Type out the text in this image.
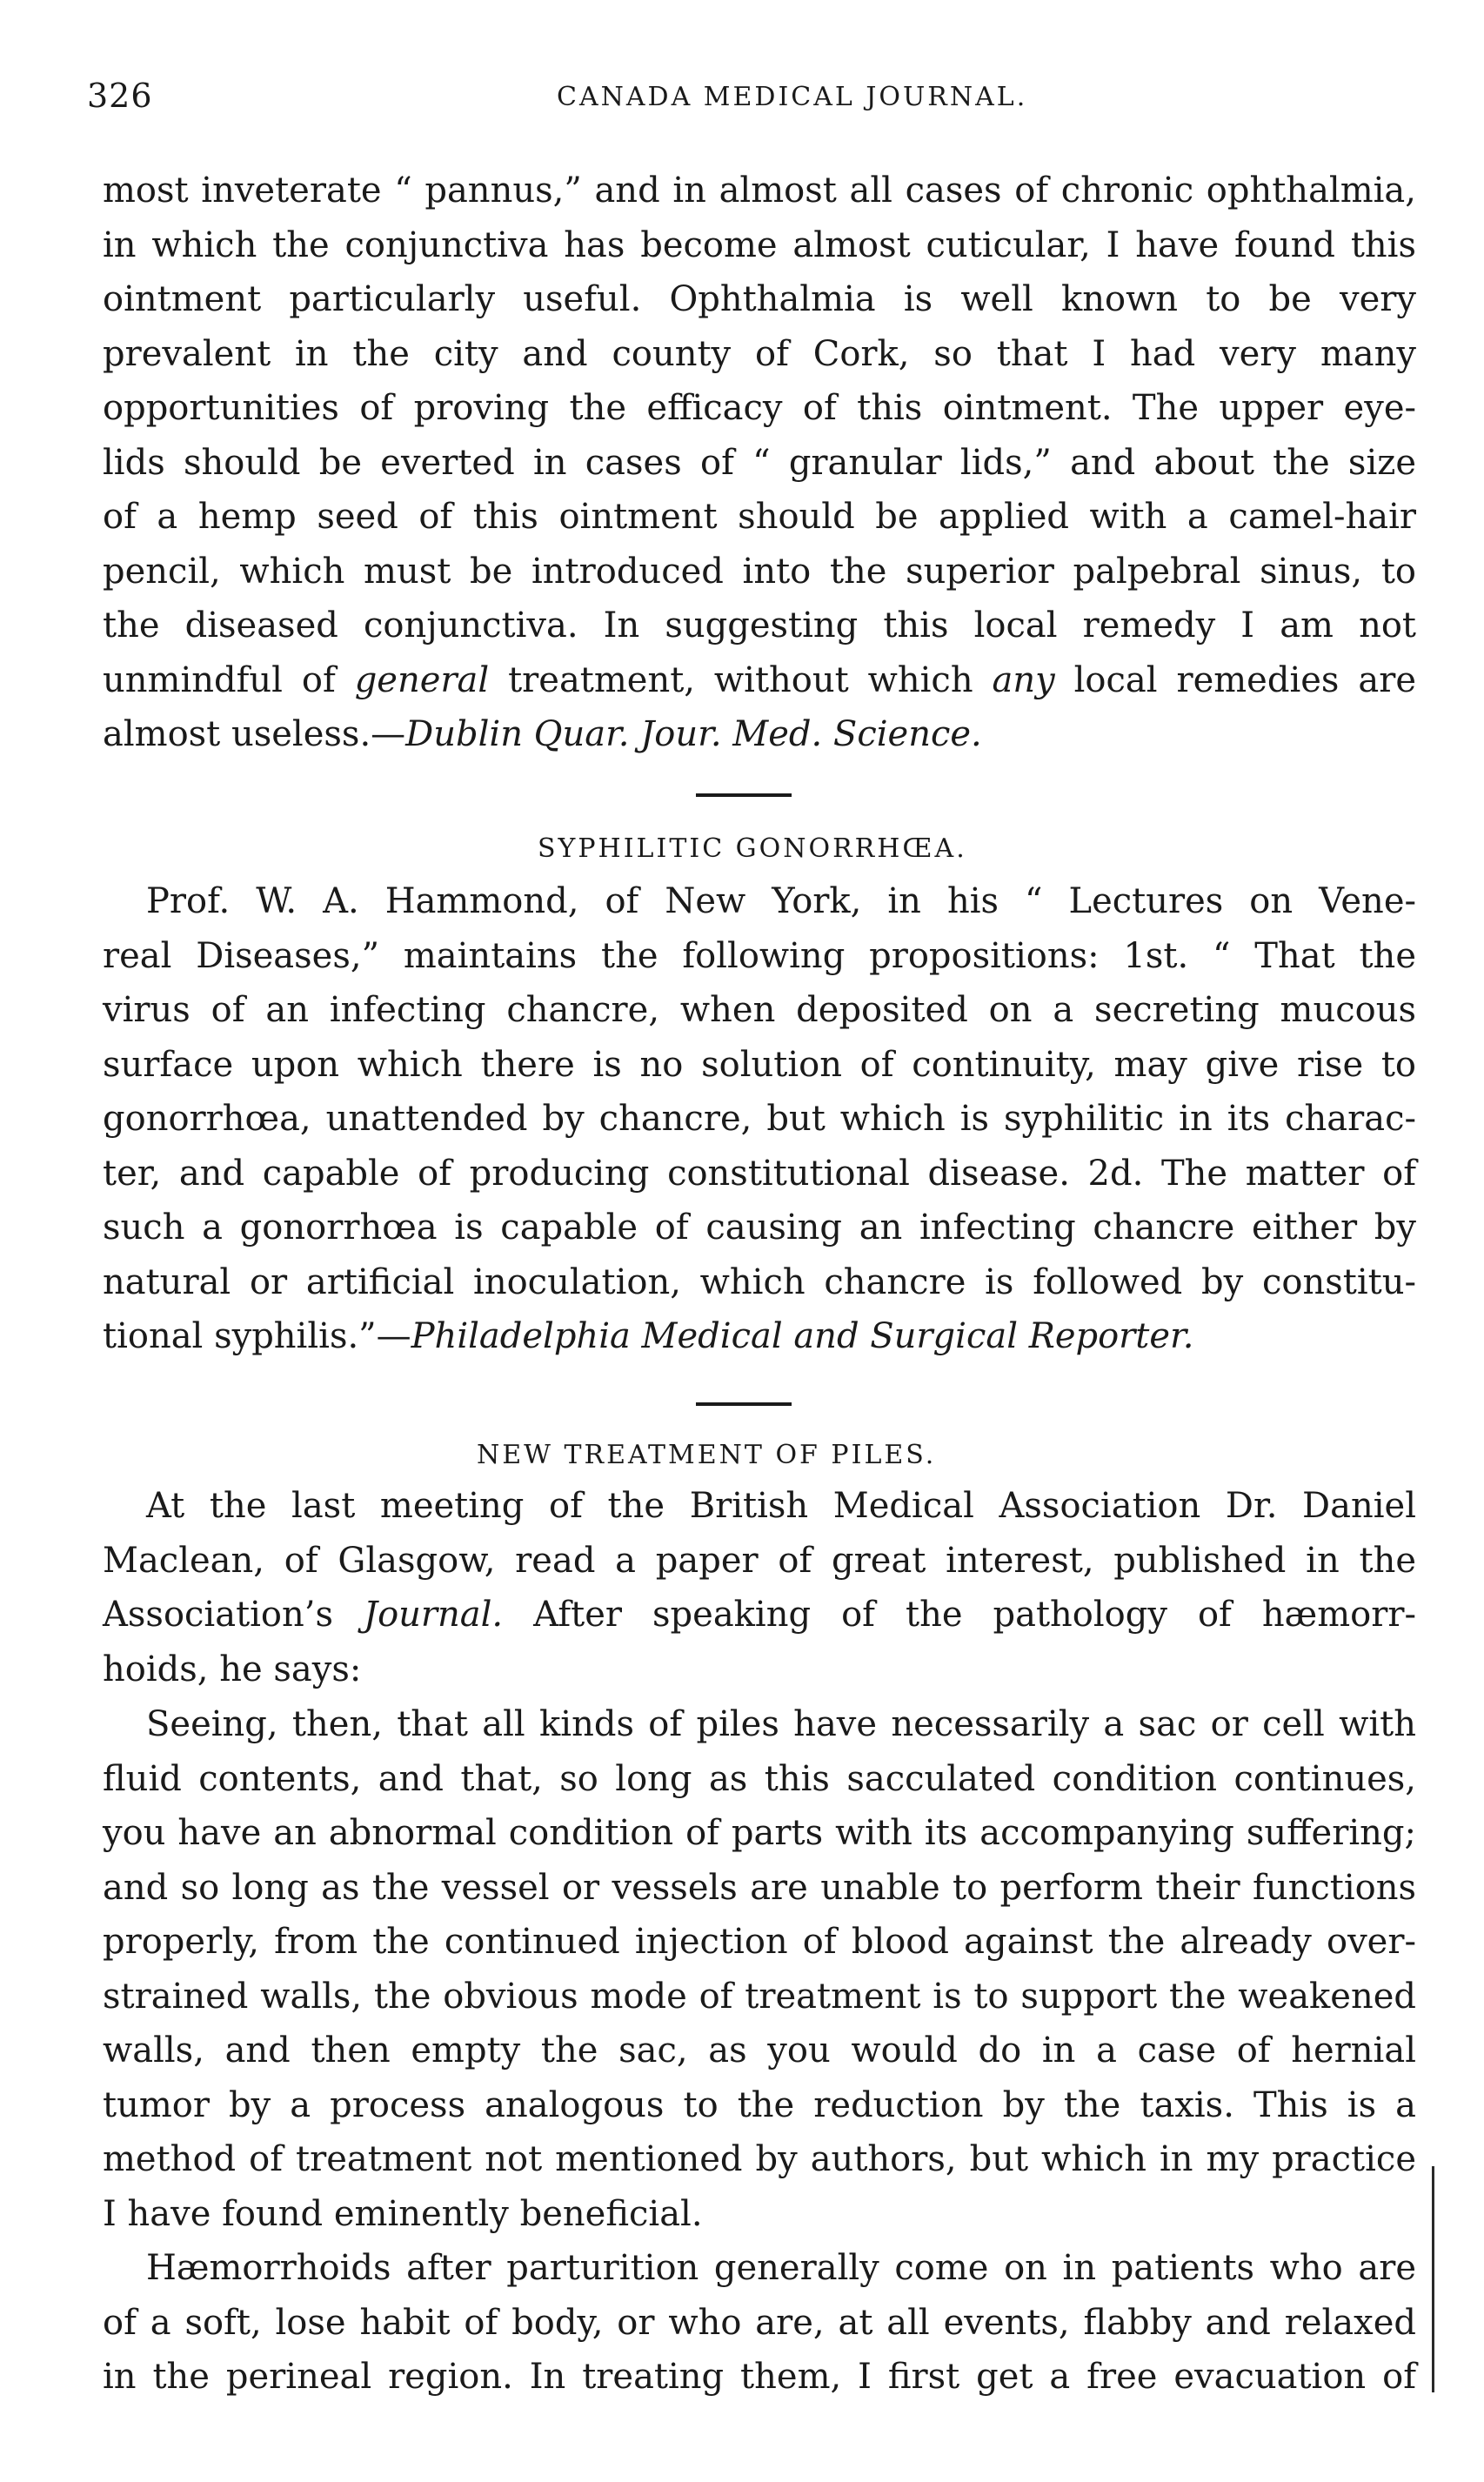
326	CANADA MEDICAL JOURNAL.
most inveterate “ pannus,” and in almost all cases of chronic ophthalmia,
in which the conjunctiva has become almost cuticular, I have found this
ointment particularly useful. Ophthalmia is well known to be very
prevalent in the city and county of Cork, so that I had very many
opportunities of proving the efficacy of this ointment. The upper eye-
lids should be everted in cases of “ granular lids,” and about the size
of a hemp seed of this ointment should be applied with a camel-hair
pencil, which must be introduced into the superior palpebral sinus, to
the diseased conjunctiva. In suggesting this local remedy I am not
unmindful of general treatment, without which any local remedies are
almost useless.—Dublin Quar. Jour. Med. Science.
SYPHILITIC GONORRHŒA.
Prof. W. A. Hammond, of New York, in his “ Lectures on Vene-
real Diseases,” maintains the following propositions: 1st. “ That the
virus of an infecting chancre, when deposited on a secreting mucous
surface upon which there is no solution of continuity, may give rise to
gonorrhœa, unattended by chancre, but which is syphilitic in its charac-
ter, and capable of producing constitutional disease. 2d. The matter of
such a gonorrhœa is capable of causing an infecting chancre either by
natural or artificial inoculation, which chancre is followed by constitu-
tional syphilis.”—Philadelphia Medical and Surgical Reporter.
NEW TREATMENT OF PILES.
At the last meeting of the British Medical Association Dr. Daniel
Maclean, of Glasgow, read a paper of great interest, published in the
Association’s Journal. After speaking of the pathology of hæmorr-
hoids, he says:
Seeing, then, that all kinds of piles have necessarily a sac or cell with
fluid contents, and that, so long as this sacculated condition continues,
you have an abnormal condition of parts with its accompanying suffering;
and so long as the vessel or vessels are unable to perform their functions
properly, from the continued injection of blood against the already over-
strained walls, the obvious mode of treatment is to support the weakened
walls, and then empty the sac, as you would do in a case of hernial
tumor by a process analogous to the reduction by the taxis. This is a
method of treatment not mentioned by authors, but which in my practice
I have found eminently beneficial.
Hæmorrhoids after parturition generally come on in patients who are
of a soft, lose habit of body, or who are, at all events, flabby and relaxed
in the perineal region. In treating them, I first get a free evacuation of
